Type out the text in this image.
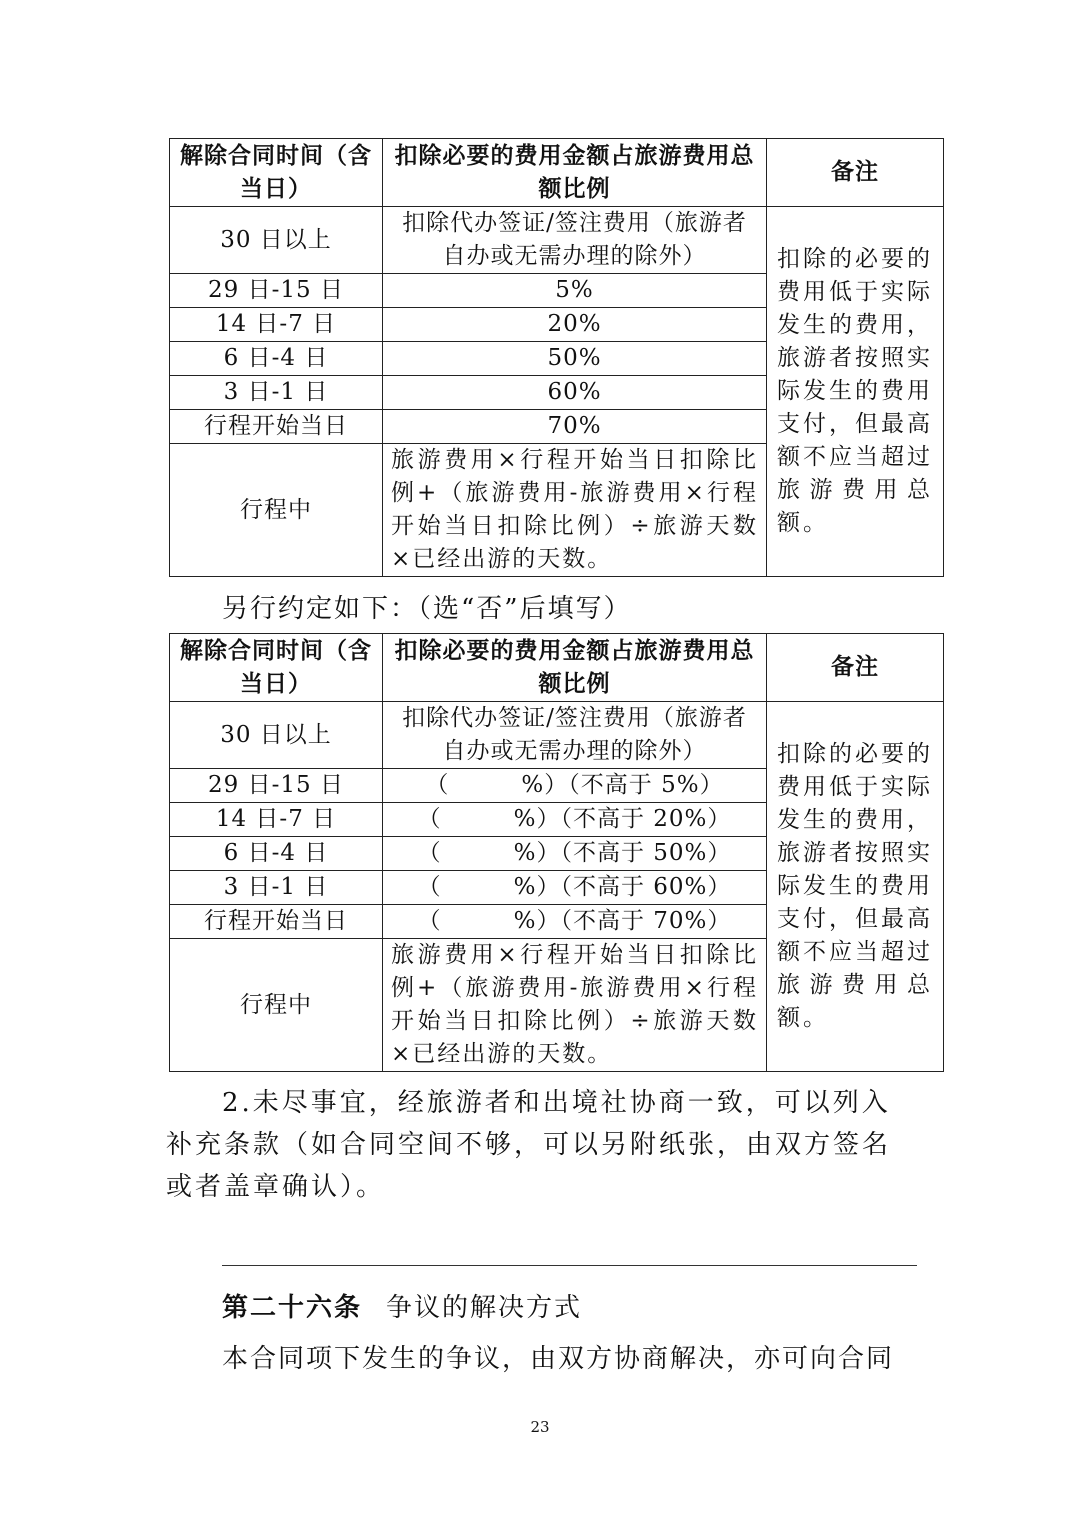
解除合同时间（含当日）	扣除必要的费用金额占旅游费用总额比例	备注
30 日以上	扣除代办签证/签注费用（旅游者自办或无需办理的除外）	扣除的必要的费用低于实际发生的费用，旅游者按照实际发生的费用支付，但最高额不应当超过旅游费用总额。
29 日-15 日	5%	
14 日-7 日	20%	
6 日-4 日	50%	
3 日-1 日	60%	
行程开始当日	70%	
行程中	旅游费用×行程开始当日扣除比例+（旅游费用-旅游费用×行程开始当日扣除比例）÷旅游天数×已经出游的天数。	
另行约定如下：（选“否”后填写）
解除合同时间（含当日）	扣除必要的费用金额占旅游费用总额比例	备注
30 日以上	扣除代办签证/签注费用（旅游者自办或无需办理的除外）	扣除的必要的费用低于实际发生的费用，旅游者按照实际发生的费用支付，但最高额不应当超过旅游费用总额。
29 日-15 日	（　　　%）（不高于 5%）	
14 日-7 日	（　　　%）（不高于 20%）	
6 日-4 日	（　　　%）（不高于 50%）	
3 日-1 日	（　　　%）（不高于 60%）	
行程开始当日	（　　　%）（不高于 70%）	
行程中	旅游费用×行程开始当日扣除比例+（旅游费用-旅游费用×行程开始当日扣除比例）÷旅游天数×已经出游的天数。	
2.未尽事宜，经旅游者和出境社协商一致，可以列入补充条款（如合同空间不够，可以另附纸张，由双方签名或者盖章确认）。
第二十六条 争议的解决方式
本合同项下发生的争议，由双方协商解决，亦可向合同
23
